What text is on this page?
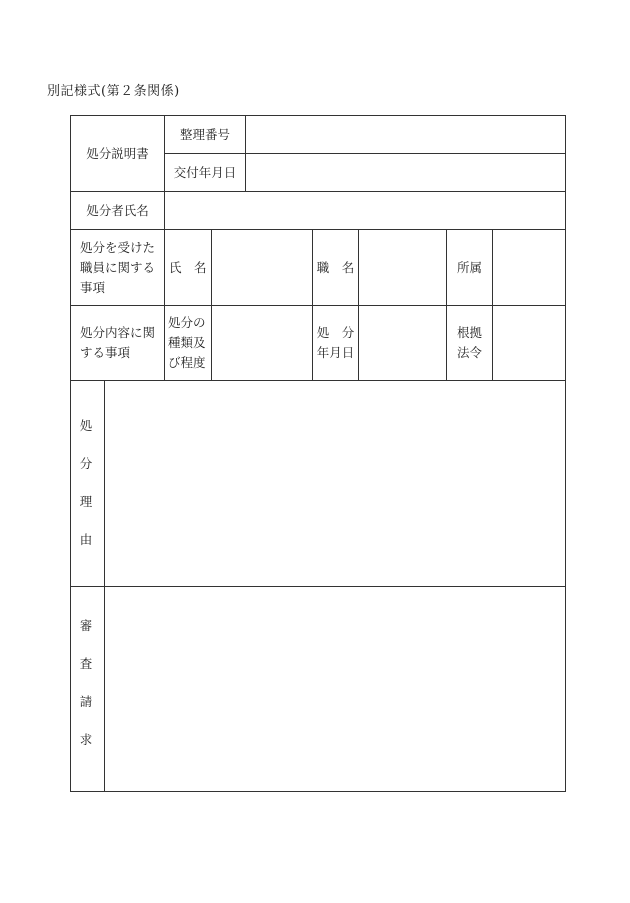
別記様式(第２条関係)
処分説明書
整理番号
交付年月日
処分者氏名
処分を受けた職員に関する事項
氏　名	職　名	所属
処分内容に関する事項
処分の種類及び程度
処　分
年月日
根拠法令
処
分
理
由
審
査
請
求
